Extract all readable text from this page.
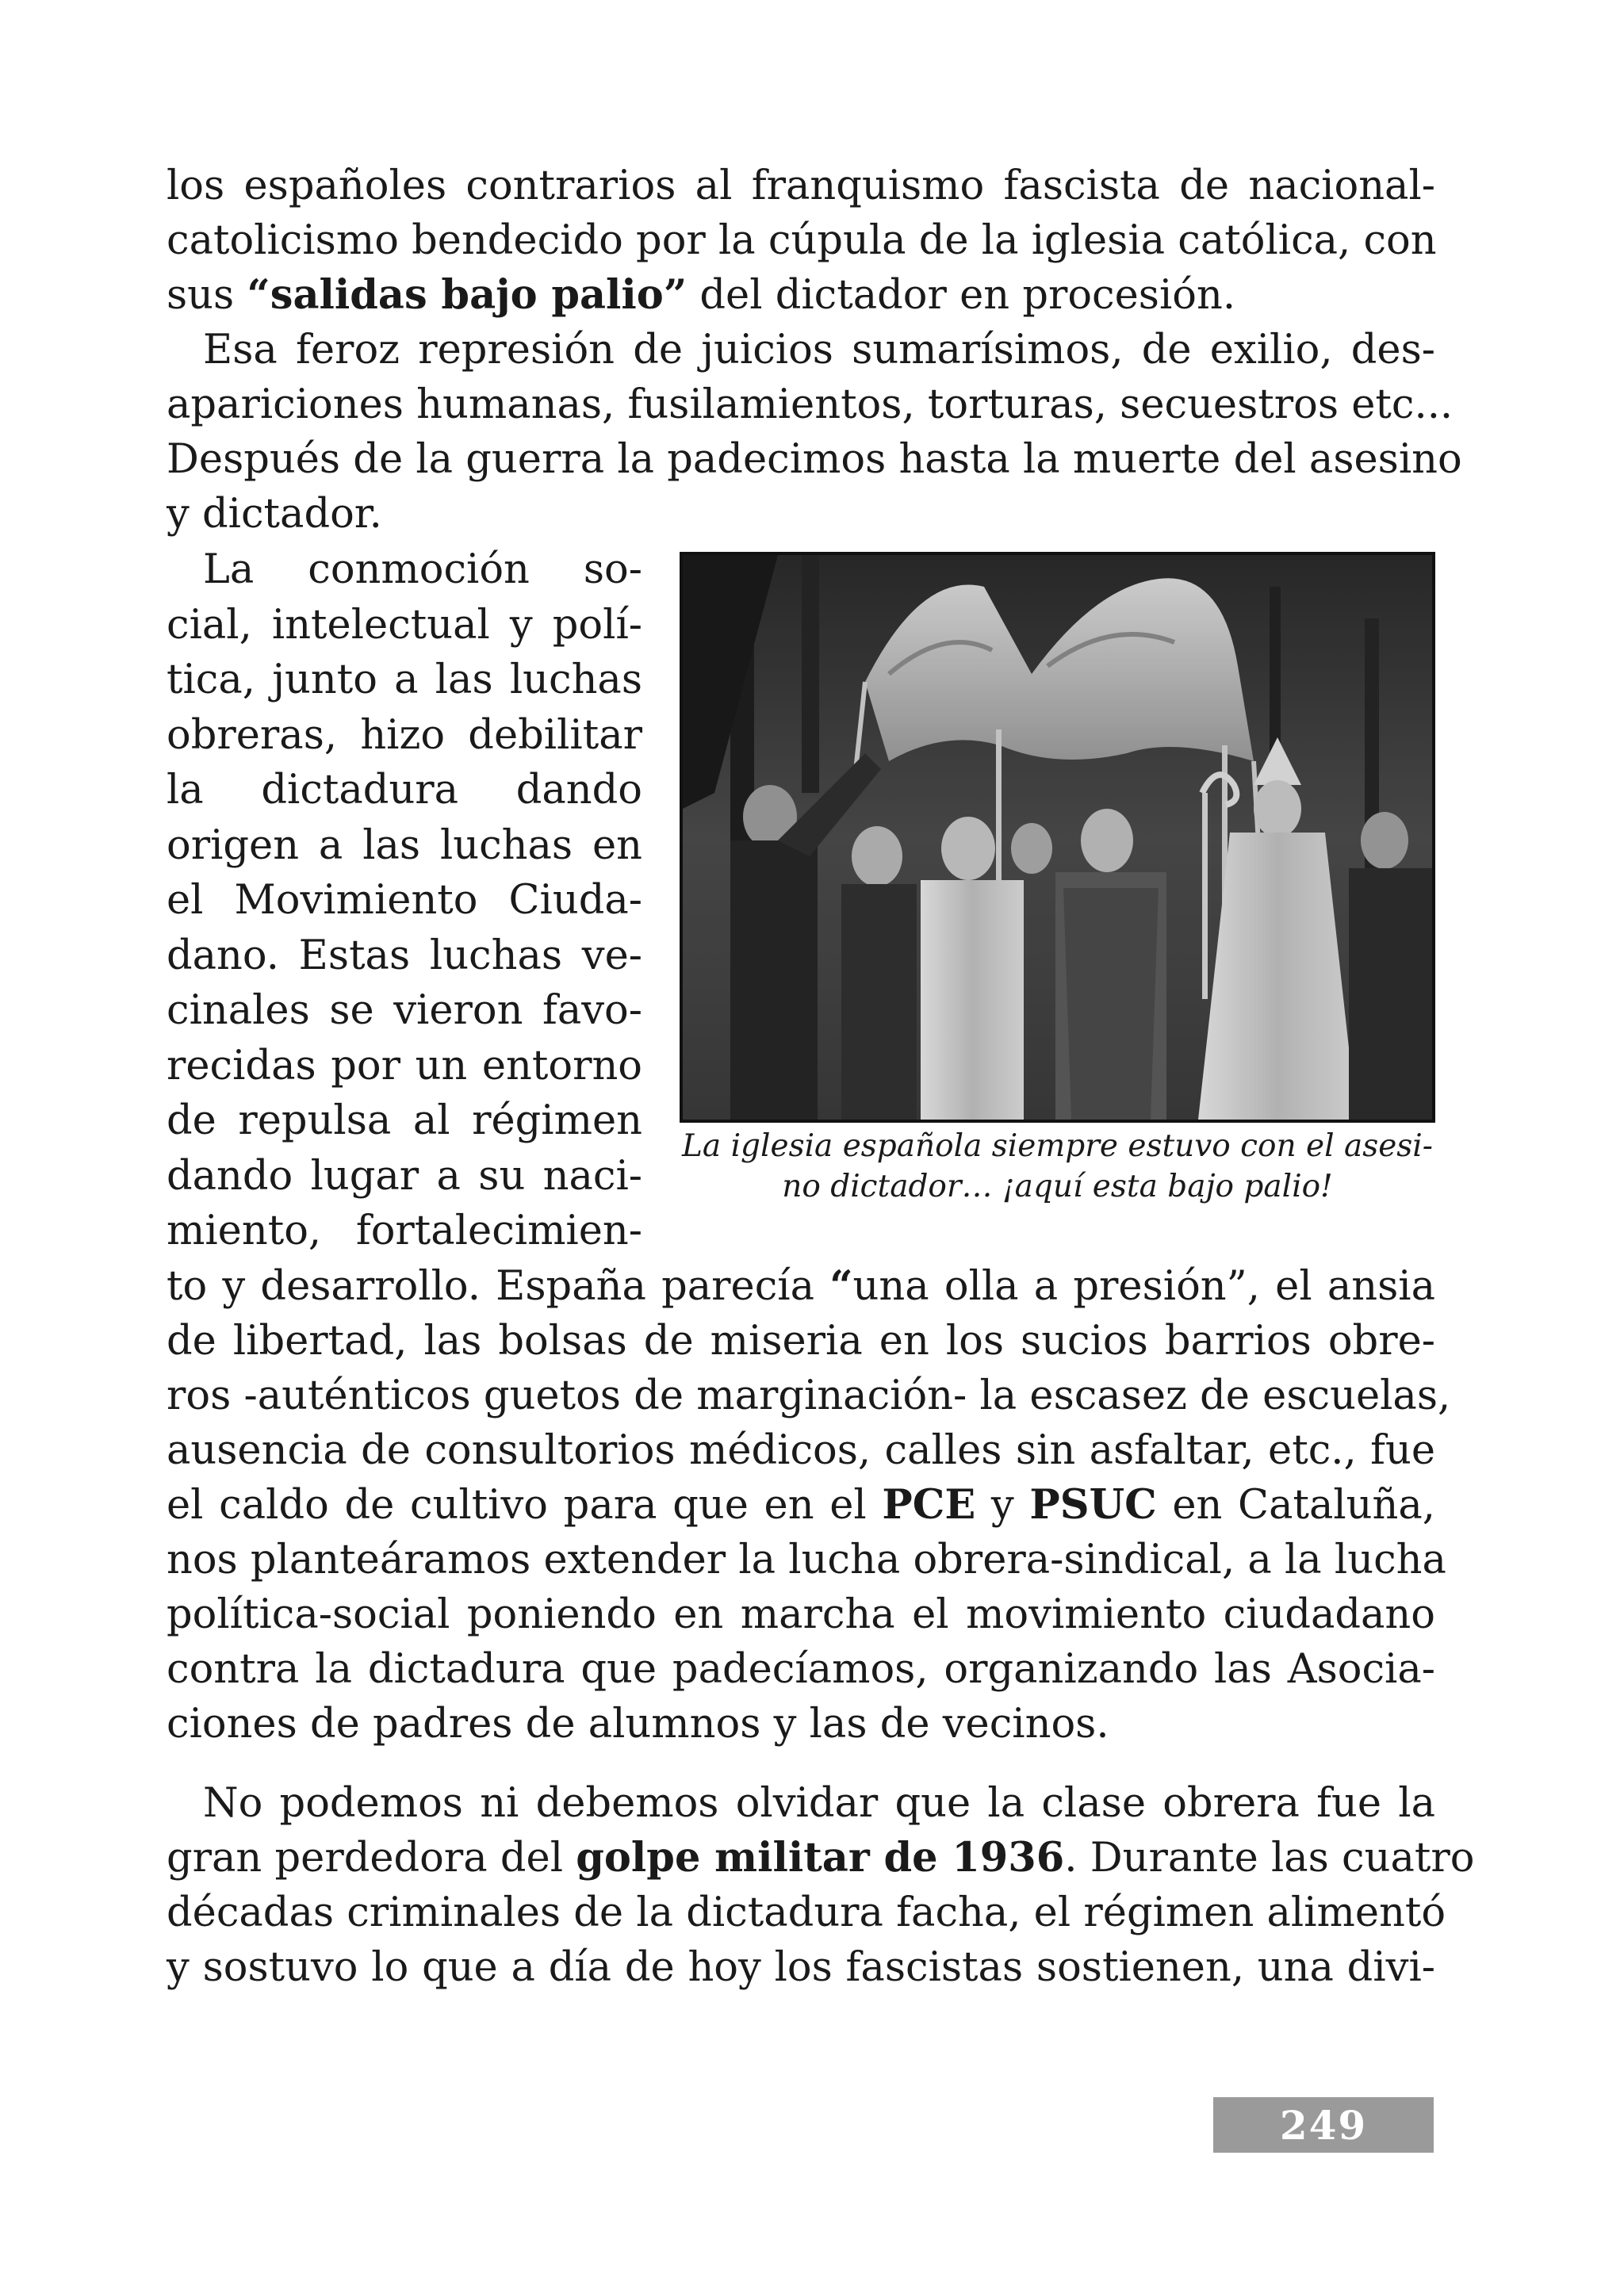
los españoles contrarios al franquismo fascista de nacional-
catolicismo bendecido por la cúpula de la iglesia católica, con
sus “salidas bajo palio” del dictador en procesión.
Esa feroz represión de juicios sumarísimos, de exilio, des-
apariciones humanas, fusilamientos, torturas, secuestros etc...
Después de la guerra la padecimos hasta la muerte del asesino
y dictador.
La conmoción so-
cial, intelectual y polí-
tica, junto a las luchas
obreras, hizo debilitar
la dictadura dando
origen a las luchas en
el Movimiento Ciuda-
dano. Estas luchas ve-
cinales se vieron favo-
recidas por un entorno
de repulsa al régimen
dando lugar a su naci-
miento, fortalecimien-
La iglesia española siempre estuvo con el asesi-
no dictador… ¡aquí esta bajo palio!
to y desarrollo. España parecía “una olla a presión”, el ansia
de libertad, las bolsas de miseria en los sucios barrios obre-
ros -auténticos guetos de marginación- la escasez de escuelas,
ausencia de consultorios médicos, calles sin asfaltar, etc., fue
el caldo de cultivo para que en el PCE y PSUC en Cataluña,
nos planteáramos extender la lucha obrera-sindical, a la lucha
política-social poniendo en marcha el movimiento ciudadano
contra la dictadura que padecíamos, organizando las Asocia-
ciones de padres de alumnos y las de vecinos.
No podemos ni debemos olvidar que la clase obrera fue la
gran perdedora del golpe militar de 1936. Durante las cuatro
décadas criminales de la dictadura facha, el régimen alimentó
y sostuvo lo que a día de hoy los fascistas sostienen, una divi-
249
